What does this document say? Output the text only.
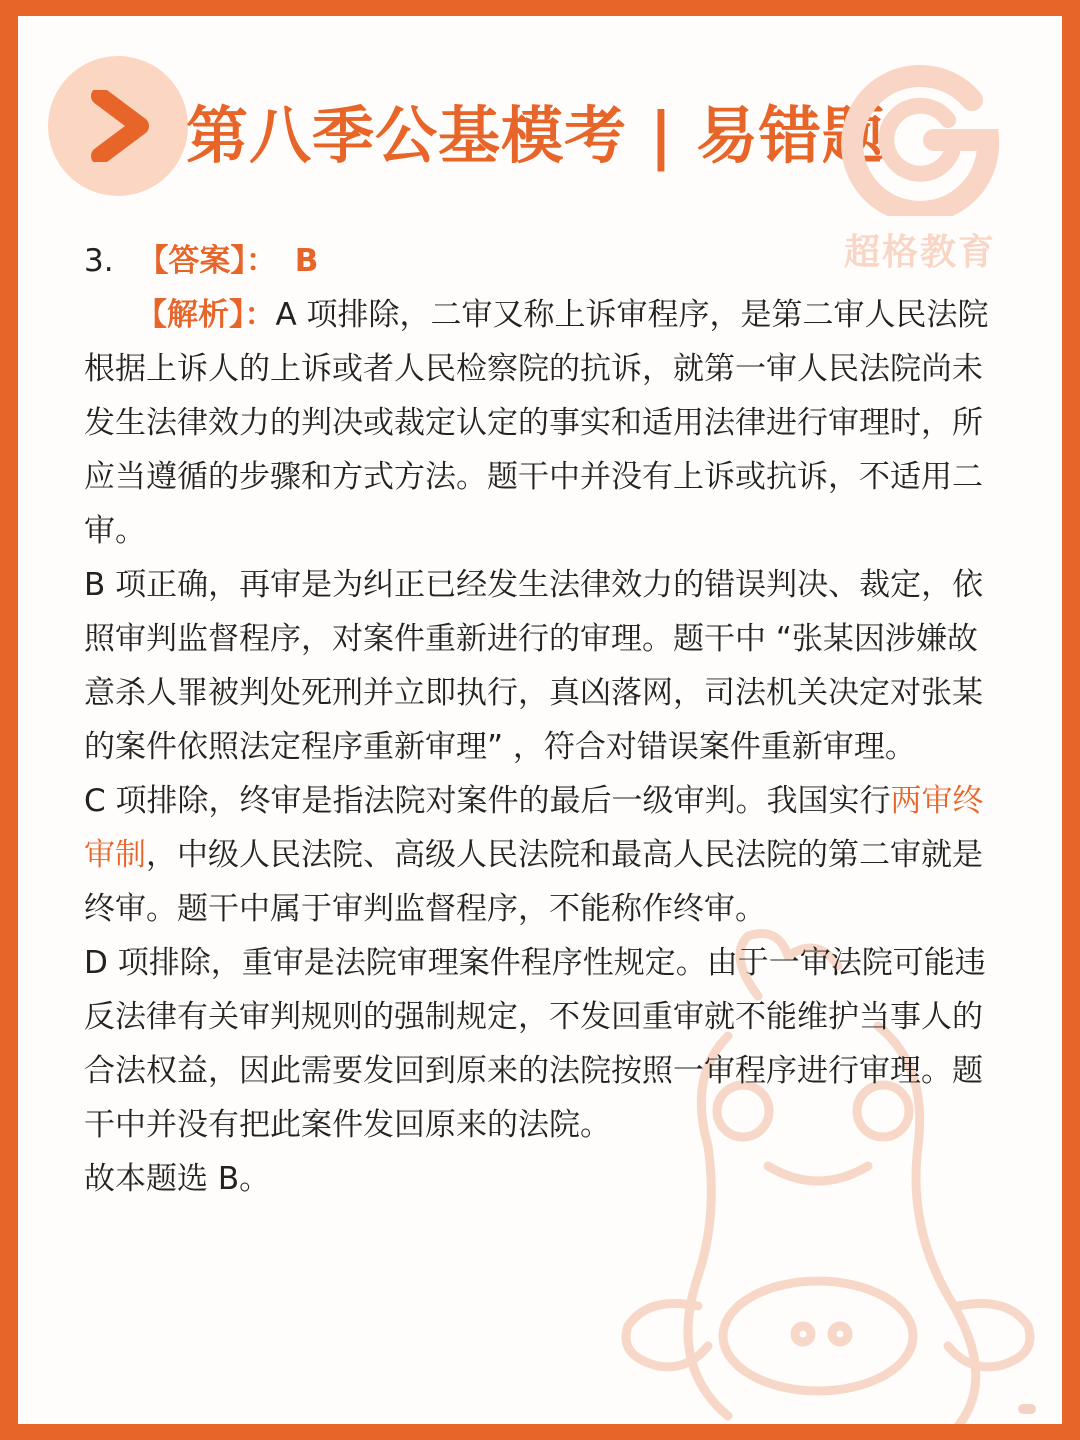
第八季公基模考 | 易错题
超格教育

3. 【答案】： B

【解析】：A 项排除，二审又称上诉审程序，是第二审人民法院根据上诉人的上诉或者人民检察院的抗诉，就第一审人民法院尚未发生法律效力的判决或裁定认定的事实和适用法律进行审理时，所应当遵循的步骤和方式方法。题干中并没有上诉或抗诉，不适用二审。

B 项正确，再审是为纠正已经发生法律效力的错误判决、裁定，依照审判监督程序，对案件重新进行的审理。题干中 “张某因涉嫌故意杀人罪被判处死刑并立即执行，真凶落网，司法机关决定对张某的案件依照法定程序重新审理” ，符合对错误案件重新审理。

C 项排除，终审是指法院对案件的最后一级审判。我国实行两审终审制，中级人民法院、高级人民法院和最高人民法院的第二审就是终审。题干中属于审判监督程序，不能称作终审。

D 项排除，重审是法院审理案件程序性规定。由于一审法院可能违反法律有关审判规则的强制规定，不发回重审就不能维护当事人的合法权益，因此需要发回到原来的法院按照一审程序进行审理。题干中并没有把此案件发回原来的法院。

故本题选 B。
